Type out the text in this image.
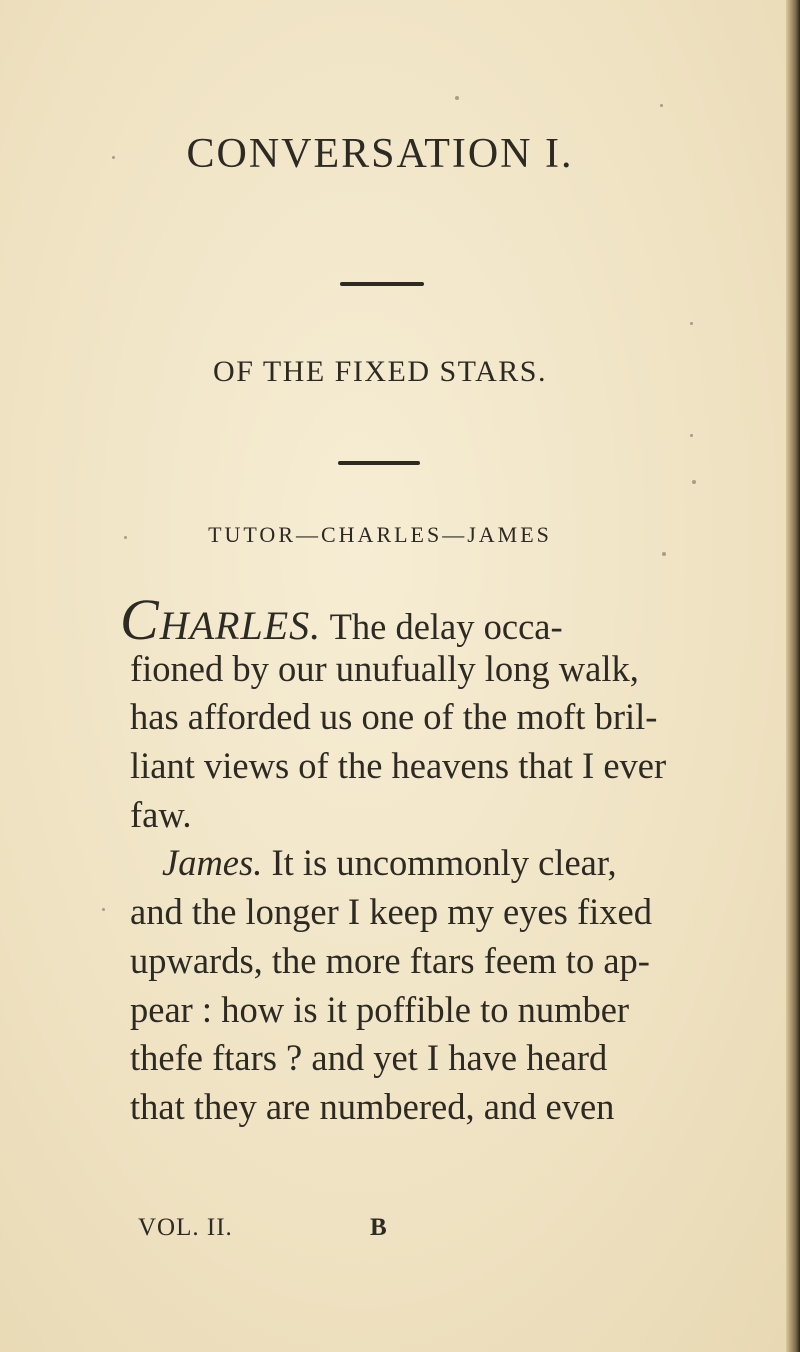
CONVERSATION I.
OF THE FIXED STARS.
TUTOR—CHARLES—JAMES
CHARLES. The delay occa-
fioned by our unufually long walk,
has afforded us one of the moft bril-
liant views of the heavens that I ever
faw.
James. It is uncommonly clear,
and the longer I keep my eyes fixed
upwards, the more ftars feem to ap-
pear : how is it poffible to number
thefe ftars ? and yet I have heard
that they are numbered, and even
VOL. II.	B
